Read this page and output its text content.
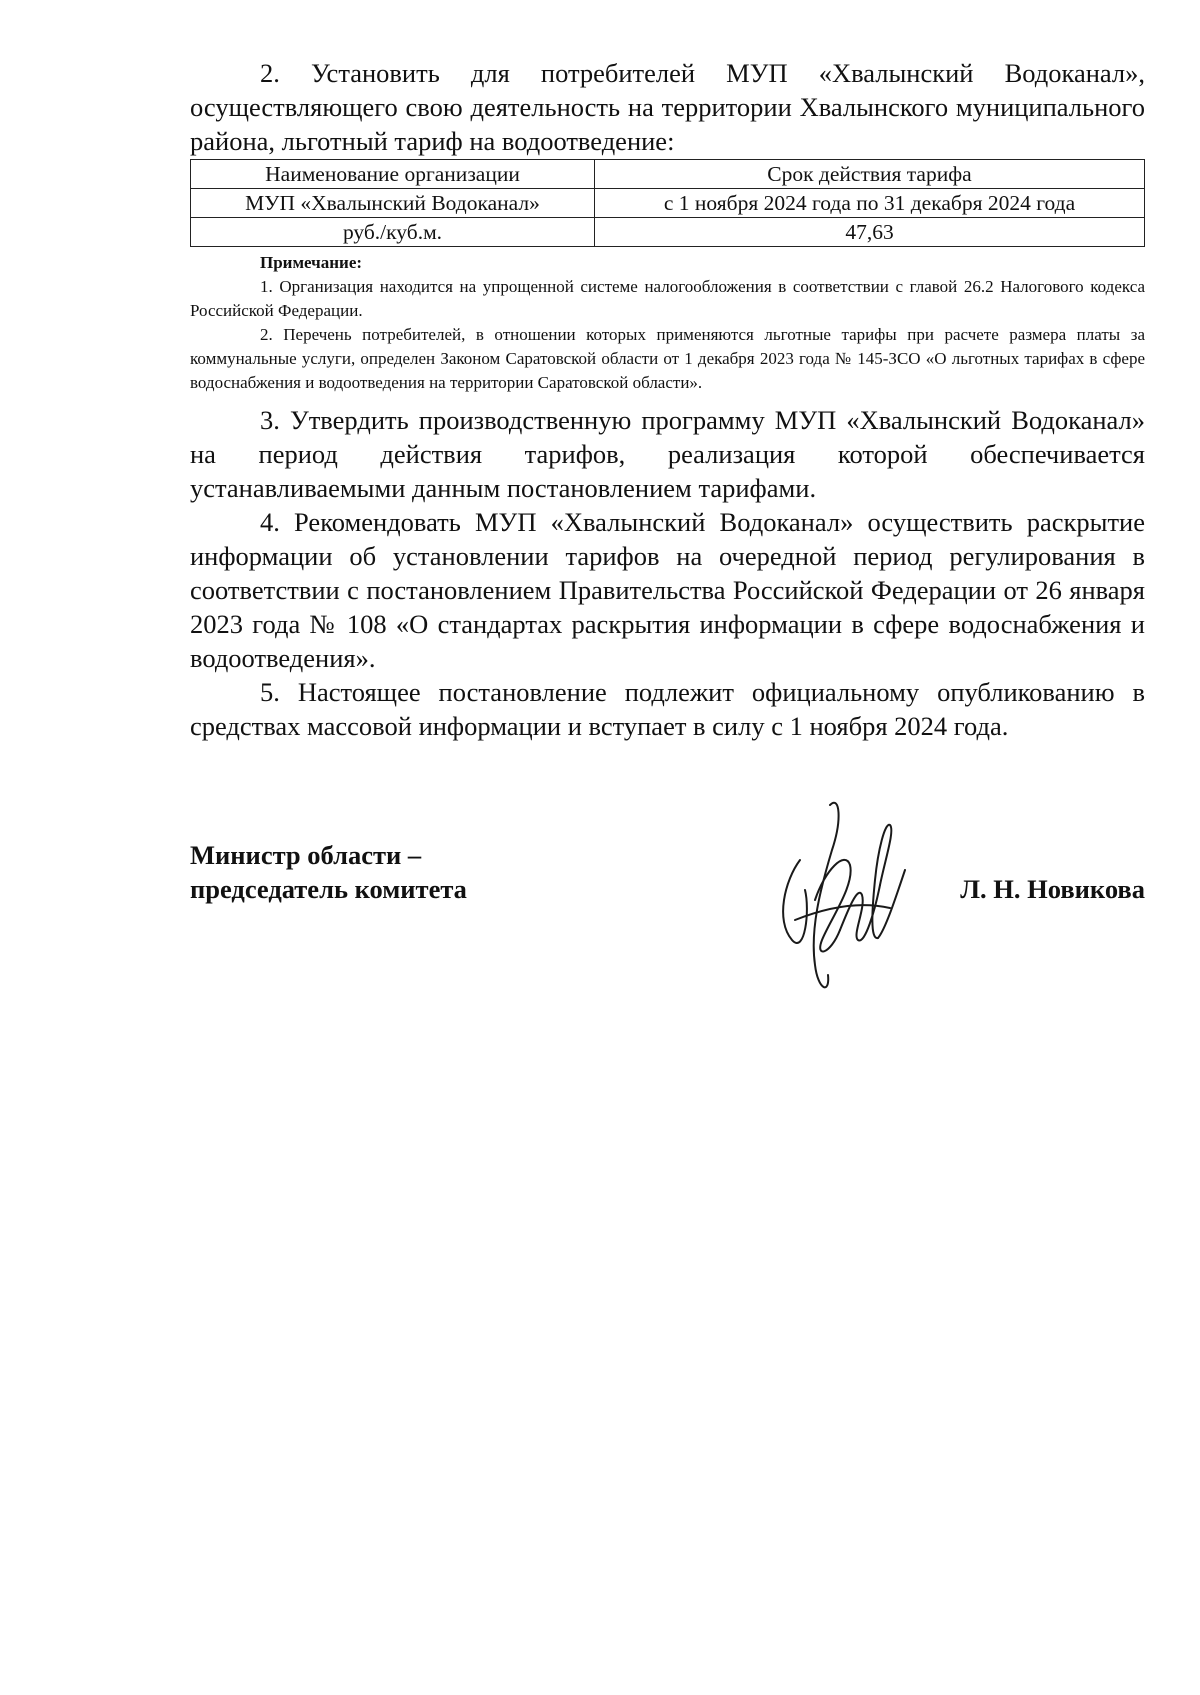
2. Установить для потребителей МУП «Хвалынский Водоканал», осуществляющего свою деятельность на территории Хвалынского муниципального района, льготный тариф на водоотведение:

Наименование организации	Срок действия тарифа
МУП «Хвалынский Водоканал»	с 1 ноября 2024 года по 31 декабря 2024 года
руб./куб.м.	47,63
Примечание:

1. Организация находится на упрощенной системе налогообложения в соответствии с главой 26.2 Налогового кодекса Российской Федерации.

2. Перечень потребителей, в отношении которых применяются льготные тарифы при расчете размера платы за коммунальные услуги, определен Законом Саратовской области от 1 декабря 2023 года № 145-ЗСО «О льготных тарифах в сфере водоснабжения и водоотведения на территории Саратовской области».

3. Утвердить производственную программу МУП «Хвалынский Водоканал» на период действия тарифов, реализация которой обеспечивается устанавливаемыми данным постановлением тарифами.

4. Рекомендовать МУП «Хвалынский Водоканал» осуществить раскрытие информации об установлении тарифов на очередной период регулирования в соответствии с постановлением Правительства Российской Федерации от 26 января 2023 года № 108 «О стандартах раскрытия информации в сфере водоснабжения и водоотведения».

5. Настоящее постановление подлежит официальному опубликованию в средствах массовой информации и вступает в силу с 1 ноября 2024 года.

Министр области –
председатель комитета	Л. Н. Новикова
